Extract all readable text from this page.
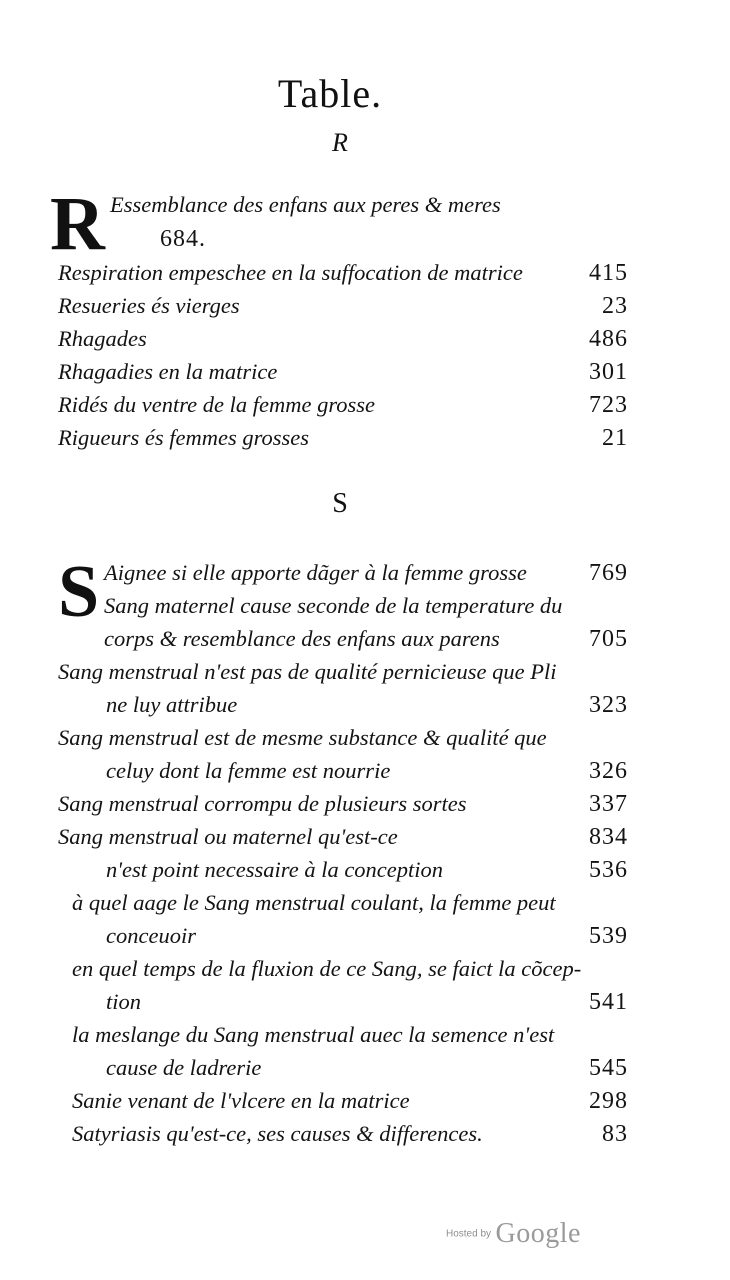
Table.
R
R Essemblance des enfans aux peres & meres
684.
Respiration empeschee en la suffocation de matrice	415
Resueries és vierges	23
Rhagades	486
Rhagadies en la matrice	301
Ridés du ventre de la femme grosse	723
Rigueurs és femmes grosses	21
S
S Aignee si elle apporte dãger à la femme grosse	769
Sang maternel cause seconde de la temperature du
corps & resemblance des enfans aux parens	705
Sang menstrual n'est pas de qualité pernicieuse que Pli
ne luy attribue	323
Sang menstrual est de mesme substance & qualité que
celuy dont la femme est nourrie	326
Sang menstrual corrompu de plusieurs sortes	337
Sang menstrual ou maternel qu'est-ce	834
n'est point necessaire à la conception	536
à quel aage le Sang menstrual coulant, la femme peut
conceuoir	539
en quel temps de la fluxion de ce Sang, se faict la cõcep-
tion	541
la meslange du Sang menstrual auec la semence n'est
cause de ladrerie	545
Sanie venant de l'vlcere en la matrice	298
Satyriasis qu'est-ce, ses causes & differences.	83
Hosted by Google
